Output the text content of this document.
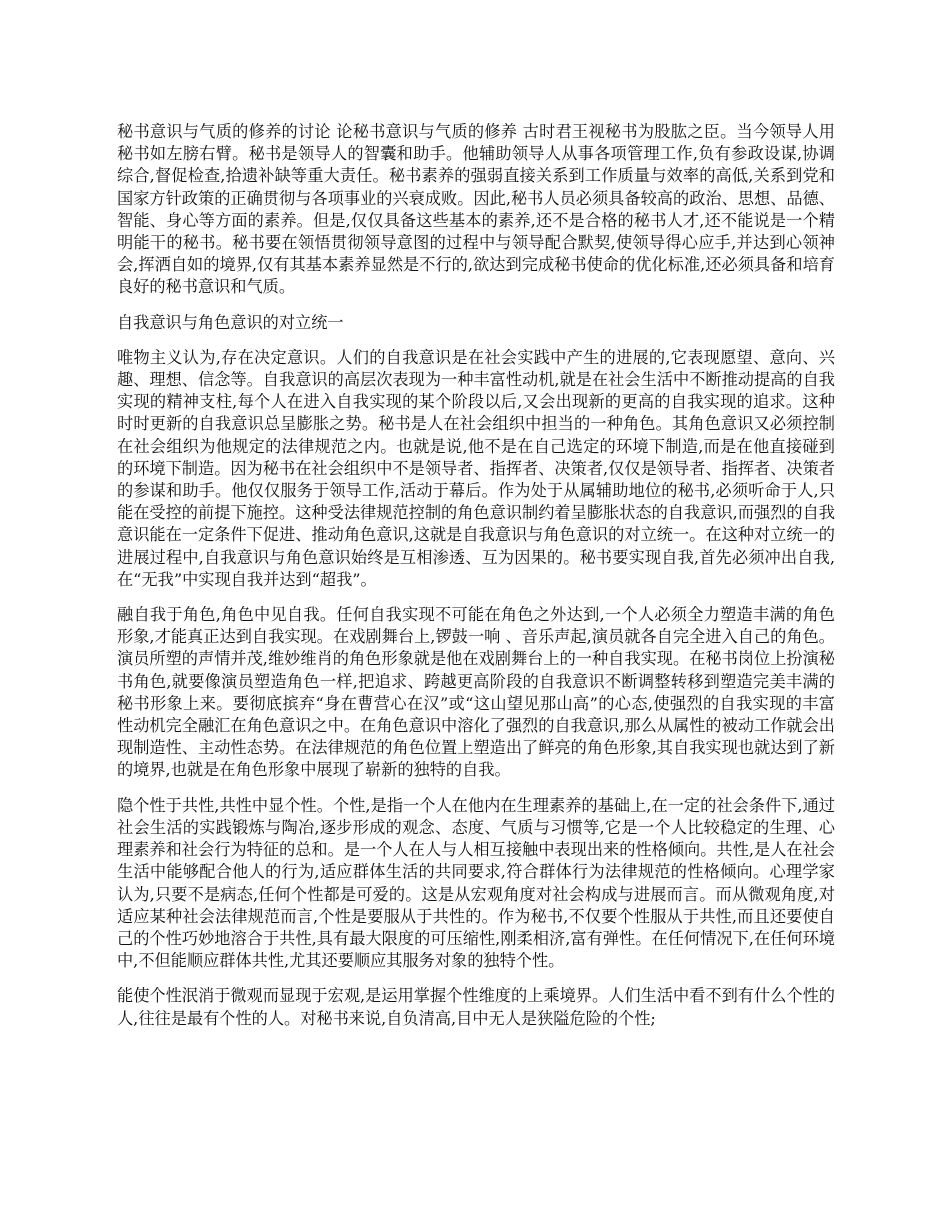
秘书意识与气质的修养的讨论 论秘书意识与气质的修养 古时君王视秘书为股肱之臣。当今领导人用秘书如左膀右臂。秘书是领导人的智囊和助手。他辅助领导人从事各项管理工作,负有参政设谋,协调综合,督促检查,拾遗补缺等重大责任。秘书素养的强弱直接关系到工作质量与效率的高低,关系到党和国家方针政策的正确贯彻与各项事业的兴衰成败。因此,秘书人员必须具备较高的政治、思想、品德、智能、身心等方面的素养。但是,仅仅具备这些基本的素养,还不是合格的秘书人才,还不能说是一个精明能干的秘书。秘书要在领悟贯彻领导意图的过程中与领导配合默契,使领导得心应手,并达到心领神会,挥洒自如的境界,仅有其基本素养显然是不行的,欲达到完成秘书使命的优化标准,还必须具备和培育良好的秘书意识和气质。

自我意识与角色意识的对立统一

唯物主义认为,存在决定意识。人们的自我意识是在社会实践中产生的进展的,它表现愿望、意向、兴趣、理想、信念等。自我意识的高层次表现为一种丰富性动机,就是在社会生活中不断推动提高的自我实现的精神支柱,每个人在进入自我实现的某个阶段以后,又会出现新的更高的自我实现的追求。这种时时更新的自我意识总呈膨胀之势。秘书是人在社会组织中担当的一种角色。其角色意识又必须控制在社会组织为他规定的法律规范之内。也就是说,他不是在自己选定的环境下制造,而是在他直接碰到的环境下制造。因为秘书在社会组织中不是领导者、指挥者、决策者,仅仅是领导者、指挥者、决策者的参谋和助手。他仅仅服务于领导工作,活动于幕后。作为处于从属辅助地位的秘书,必须听命于人,只能在受控的前提下施控。这种受法律规范控制的角色意识制约着呈膨胀状态的自我意识,而强烈的自我意识能在一定条件下促进、推动角色意识,这就是自我意识与角色意识的对立统一。在这种对立统一的进展过程中,自我意识与角色意识始终是互相渗透、互为因果的。秘书要实现自我,首先必须冲出自我,在“无我”中实现自我并达到“超我”。

融自我于角色,角色中见自我。任何自我实现不可能在角色之外达到,一个人必须全力塑造丰满的角色形象,才能真正达到自我实现。在戏剧舞台上,锣鼓一响 、音乐声起,演员就各自完全进入自己的角色。演员所塑的声情并茂,维妙维肖的角色形象就是他在戏剧舞台上的一种自我实现。在秘书岗位上扮演秘书角色,就要像演员塑造角色一样,把追求、跨越更高阶段的自我意识不断调整转移到塑造完美丰满的秘书形象上来。要彻底摈弃“身在曹营心在汉”或“这山望见那山高”的心态,使强烈的自我实现的丰富性动机完全融汇在角色意识之中。在角色意识中溶化了强烈的自我意识,那么从属性的被动工作就会出现制造性、主动性态势。在法律规范的角色位置上塑造出了鲜亮的角色形象,其自我实现也就达到了新的境界,也就是在角色形象中展现了崭新的独特的自我。

隐个性于共性,共性中显个性。个性,是指一个人在他内在生理素养的基础上,在一定的社会条件下,通过社会生活的实践锻炼与陶冶,逐步形成的观念、态度、气质与习惯等,它是一个人比较稳定的生理、心理素养和社会行为特征的总和。是一个人在人与人相互接触中表现出来的性格倾向。共性,是人在社会生活中能够配合他人的行为,适应群体生活的共同要求,符合群体行为法律规范的性格倾向。心理学家认为,只要不是病态,任何个性都是可爱的。这是从宏观角度对社会构成与进展而言。而从微观角度,对适应某种社会法律规范而言,个性是要服从于共性的。作为秘书,不仅要个性服从于共性,而且还要使自己的个性巧妙地溶合于共性,具有最大限度的可压缩性,刚柔相济,富有弹性。在任何情况下,在任何环境中,不但能顺应群体共性,尤其还要顺应其服务对象的独特个性。

能使个性泯消于微观而显现于宏观,是运用掌握个性维度的上乘境界。人们生活中看不到有什么个性的人,往往是最有个性的人。对秘书来说,自负清高,目中无人是狭隘危险的个性;
